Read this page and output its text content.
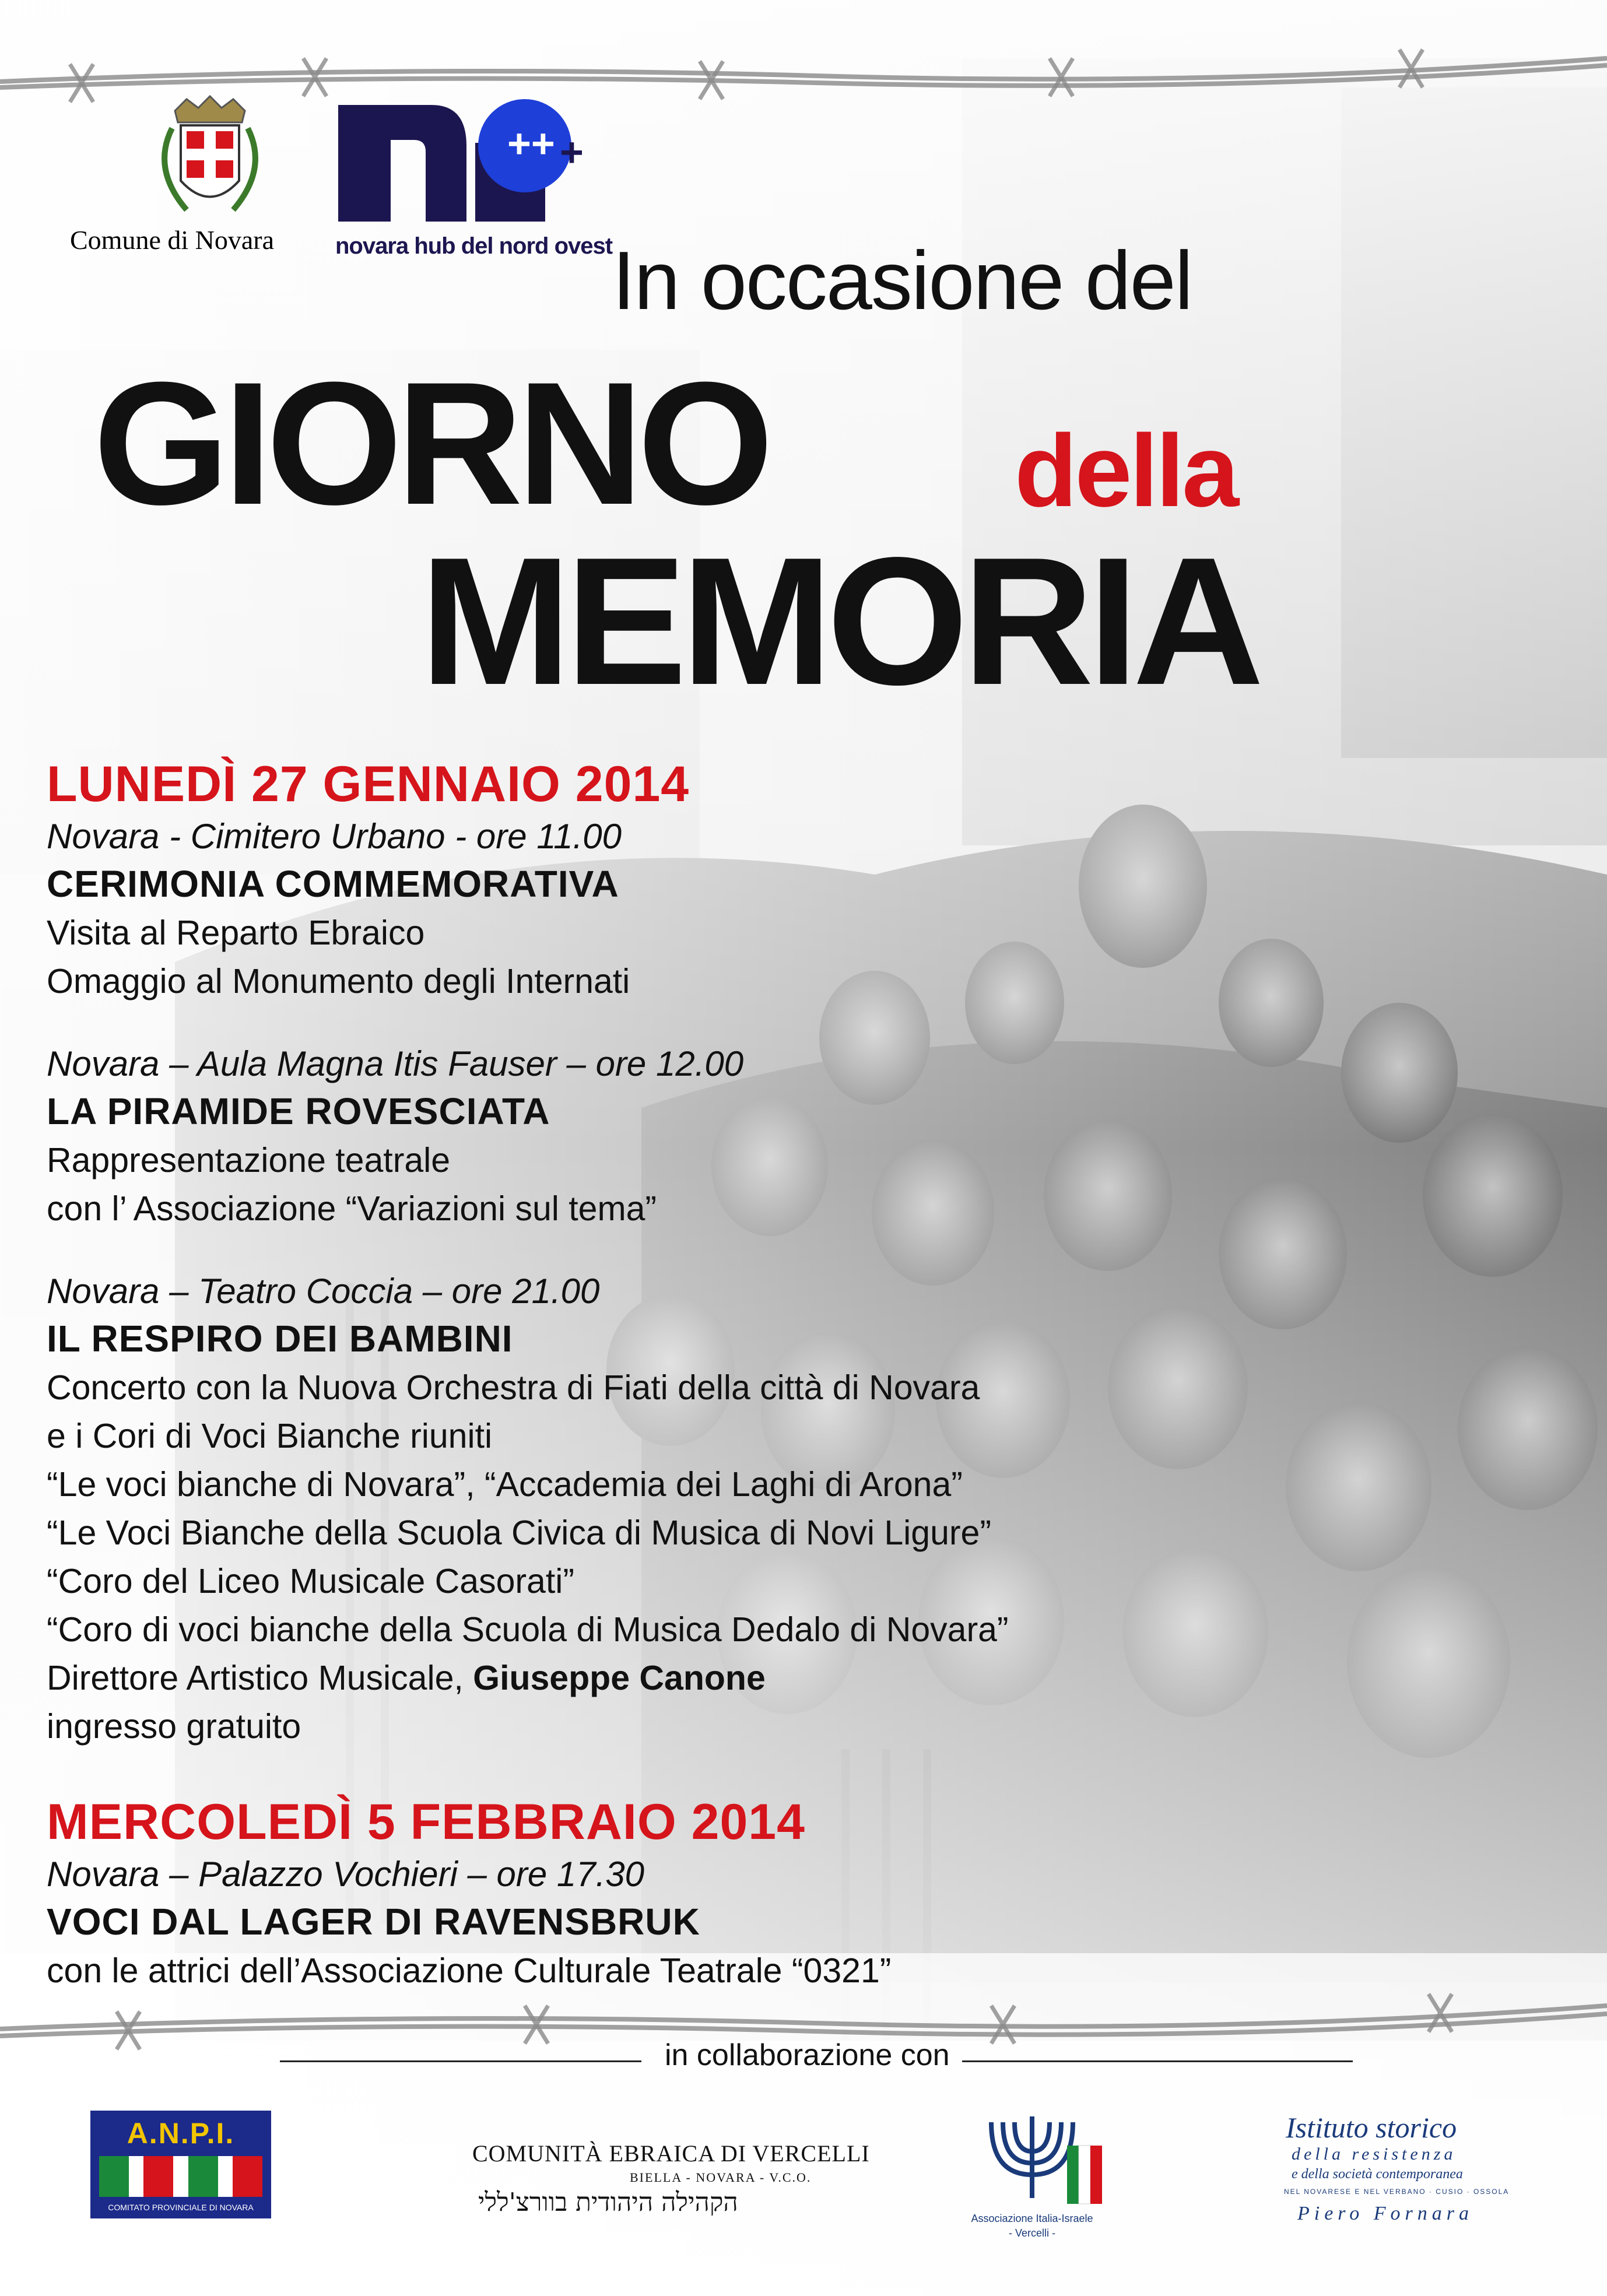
Comune di Novara
++ +
novara hub del nord ovest In occasione del
GIORNO della
MEMORIA
LUNEDÌ 27 GENNAIO 2014
Novara - Cimitero Urbano - ore 11.00
CERIMONIA COMMEMORATIVA
Visita al Reparto Ebraico
Omaggio al Monumento degli Internati
Novara – Aula Magna Itis Fauser – ore 12.00
LA PIRAMIDE ROVESCIATA
Rappresentazione teatrale
con l’ Associazione “Variazioni sul tema”
Novara – Teatro Coccia – ore 21.00
IL RESPIRO DEI BAMBINI
Concerto con la Nuova Orchestra di Fiati della città di Novara
e i Cori di Voci Bianche riuniti
“Le voci bianche di Novara”, “Accademia dei Laghi di Arona”
“Le Voci Bianche della Scuola Civica di Musica di Novi Ligure”
“Coro del Liceo Musicale Casorati”
“Coro di voci bianche della Scuola di Musica Dedalo di Novara”
Direttore Artistico Musicale, Giuseppe Canone
ingresso gratuito
MERCOLEDÌ 5 FEBBRAIO 2014
Novara – Palazzo Vochieri – ore 17.30
VOCI DAL LAGER DI RAVENSBRUK
con le attrici dell’Associazione Culturale Teatrale “0321”
in collaborazione con
A.N.P.I.
COMITATO PROVINCIALE DI NOVARA
COMUNITÀ EBRAICA DI VERCELLI
BIELLA - NOVARA - V.C.O.
הקהילה היהודית בוורצ'ללי
Associazione Italia-Israele
- Vercelli -
Istituto storico
della resistenza
e della società contemporanea
NEL NOVARESE E NEL VERBANO · CUSIO · OSSOLA
Piero Fornara
